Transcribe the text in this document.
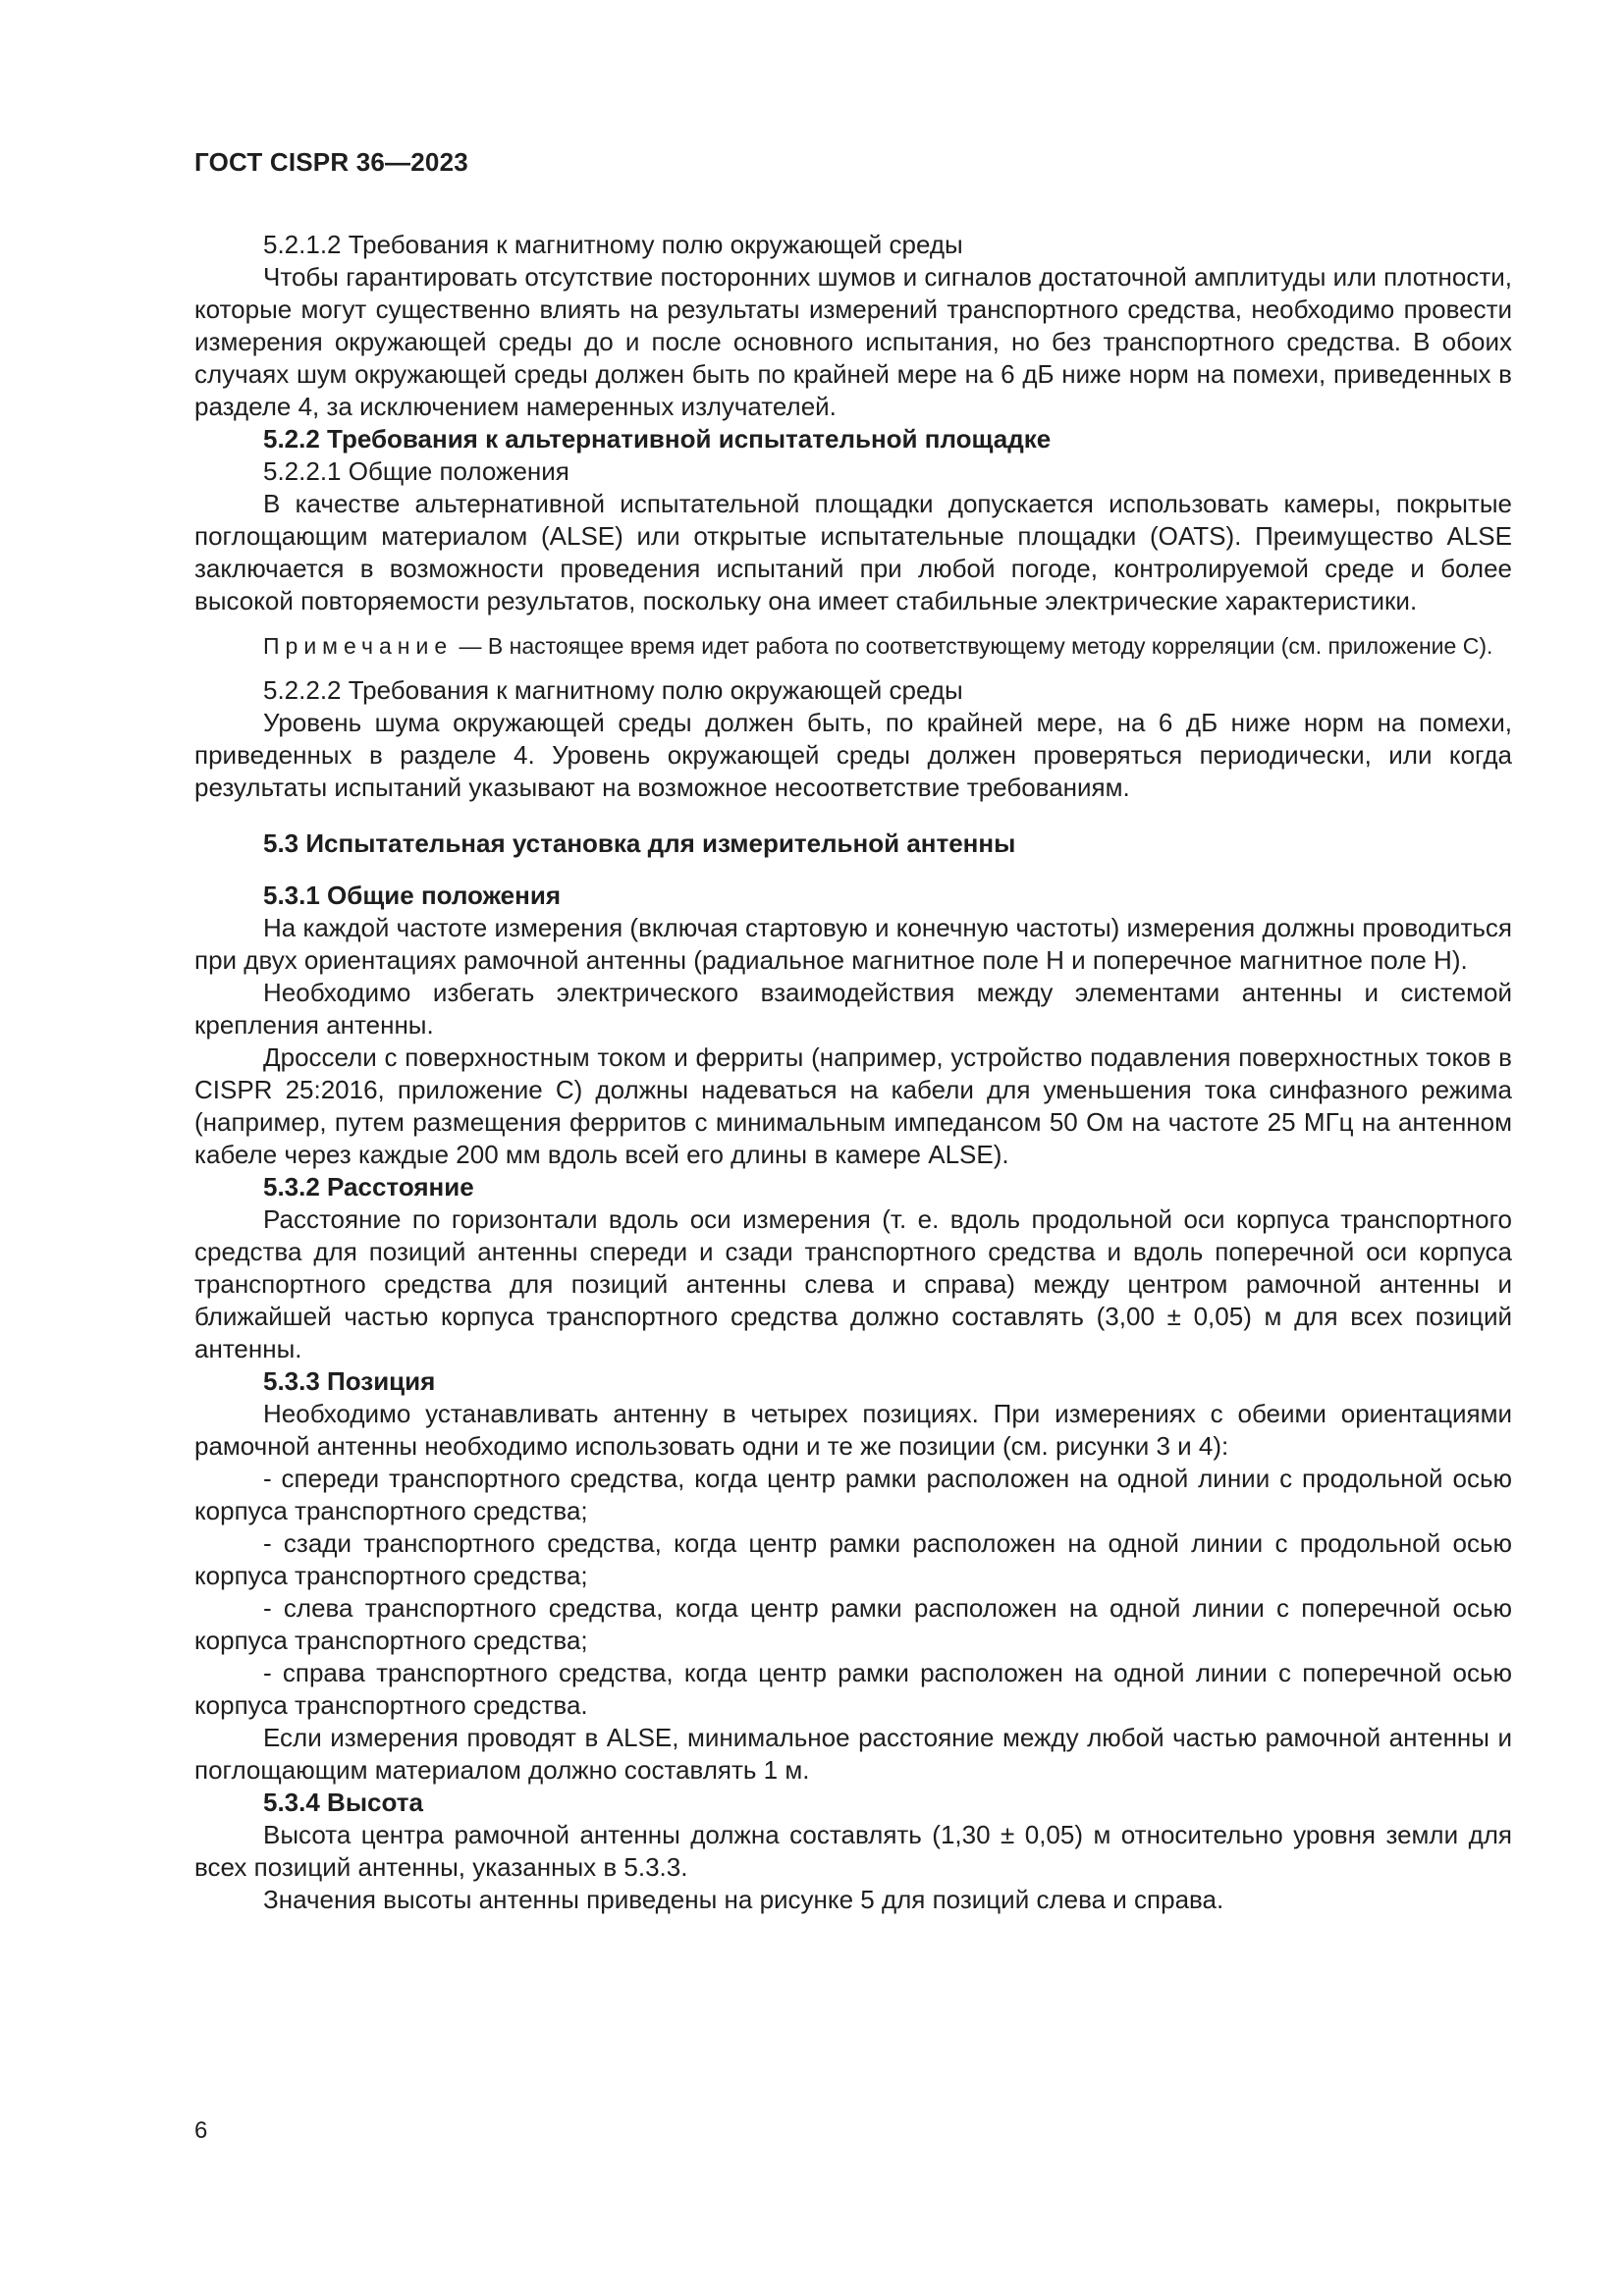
ГОСТ CISPR 36—2023

5.2.1.2 Требования к магнитному полю окружающей среды

Чтобы гарантировать отсутствие посторонних шумов и сигналов достаточной амплитуды или плотности, которые могут существенно влиять на результаты измерений транспортного средства, необходимо провести измерения окружающей среды до и после основного испытания, но без транспортного средства. В обоих случаях шум окружающей среды должен быть по крайней мере на 6 дБ ниже норм на помехи, приведенных в разделе 4, за исключением намеренных излучателей.

5.2.2 Требования к альтернативной испытательной площадке

5.2.2.1 Общие положения

В качестве альтернативной испытательной площадки допускается использовать камеры, покрытые поглощающим материалом (ALSE) или открытые испытательные площадки (OATS). Преимущество ALSE заключается в возможности проведения испытаний при любой погоде, контролируемой среде и более высокой повторяемости результатов, поскольку она имеет стабильные электрические характеристики.

Примечание — В настоящее время идет работа по соответствующему методу корреляции (см. приложение C).

5.2.2.2 Требования к магнитному полю окружающей среды

Уровень шума окружающей среды должен быть, по крайней мере, на 6 дБ ниже норм на помехи, приведенных в разделе 4. Уровень окружающей среды должен проверяться периодически, или когда результаты испытаний указывают на возможное несоответствие требованиям.

5.3 Испытательная установка для измерительной антенны

5.3.1 Общие положения

На каждой частоте измерения (включая стартовую и конечную частоты) измерения должны проводиться при двух ориентациях рамочной антенны (радиальное магнитное поле H и поперечное магнитное поле H).

Необходимо избегать электрического взаимодействия между элементами антенны и системой крепления антенны.

Дроссели с поверхностным током и ферриты (например, устройство подавления поверхностных токов в CISPR 25:2016, приложение C) должны надеваться на кабели для уменьшения тока синфазного режима (например, путем размещения ферритов с минимальным импедансом 50 Ом на частоте 25 МГц на антенном кабеле через каждые 200 мм вдоль всей его длины в камере ALSE).

5.3.2 Расстояние

Расстояние по горизонтали вдоль оси измерения (т. е. вдоль продольной оси корпуса транспортного средства для позиций антенны спереди и сзади транспортного средства и вдоль поперечной оси корпуса транспортного средства для позиций антенны слева и справа) между центром рамочной антенны и ближайшей частью корпуса транспортного средства должно составлять (3,00 ± 0,05) м для всех позиций антенны.

5.3.3 Позиция

Необходимо устанавливать антенну в четырех позициях. При измерениях с обеими ориентациями рамочной антенны необходимо использовать одни и те же позиции (см. рисунки 3 и 4):

- спереди транспортного средства, когда центр рамки расположен на одной линии с продольной осью корпуса транспортного средства;

- сзади транспортного средства, когда центр рамки расположен на одной линии с продольной осью корпуса транспортного средства;

- слева транспортного средства, когда центр рамки расположен на одной линии с поперечной осью корпуса транспортного средства;

- справа транспортного средства, когда центр рамки расположен на одной линии с поперечной осью корпуса транспортного средства.

Если измерения проводят в ALSE, минимальное расстояние между любой частью рамочной антенны и поглощающим материалом должно составлять 1 м.

5.3.4 Высота

Высота центра рамочной антенны должна составлять (1,30 ± 0,05) м относительно уровня земли для всех позиций антенны, указанных в 5.3.3.

Значения высоты антенны приведены на рисунке 5 для позиций слева и справа.

6
